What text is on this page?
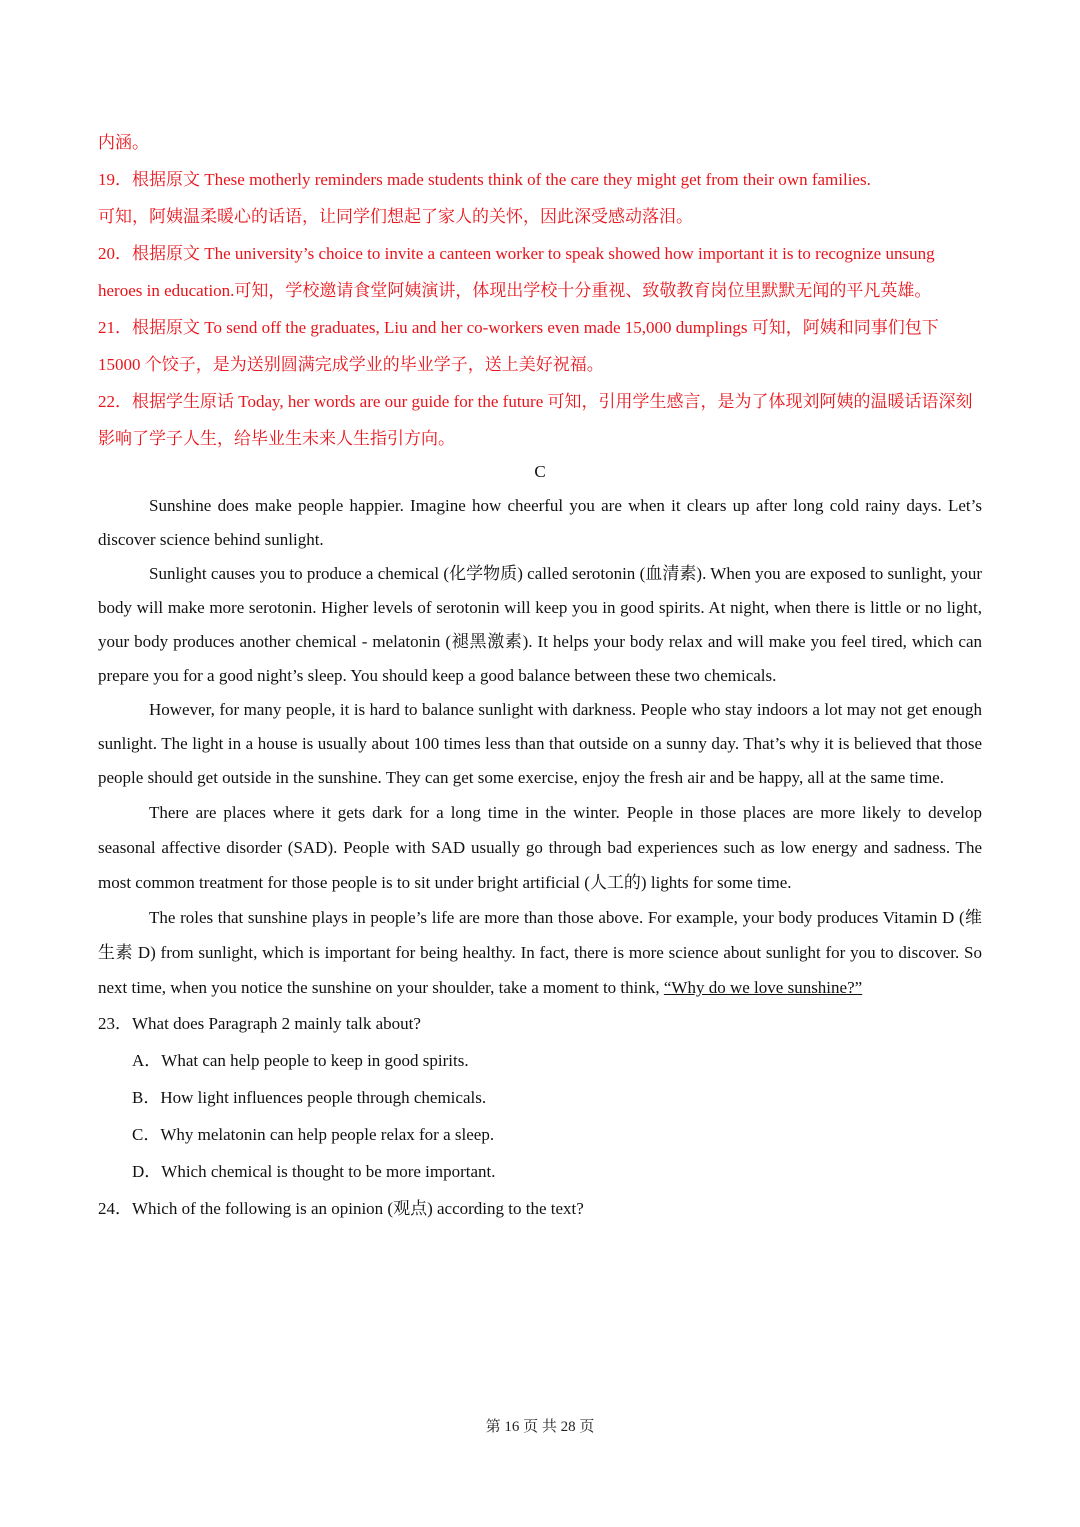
内涵。
19．根据原文 These motherly reminders made students think of the care they might get from their own families.
可知，阿姨温柔暖心的话语，让同学们想起了家人的关怀，因此深受感动落泪。
20．根据原文 The university’s choice to invite a canteen worker to speak showed how important it is to recognize unsung heroes in education.可知，学校邀请食堂阿姨演讲，体现出学校十分重视、致敬教育岗位里默默无闻的平凡英雄。
21．根据原文 To send off the graduates, Liu and her co-workers even made 15,000 dumplings 可知，阿姨和同事们包下 15000 个饺子，是为送别圆满完成学业的毕业学子，送上美好祝福。
22．根据学生原话 Today, her words are our guide for the future 可知，引用学生感言，是为了体现刘阿姨的温暖话语深刻影响了学子人生，给毕业生未来人生指引方向。
C

Sunshine does make people happier. Imagine how cheerful you are when it clears up after long cold rainy days. Let’s discover science behind sunlight.

Sunlight causes you to produce a chemical (化学物质) called serotonin (血清素). When you are exposed to sunlight, your body will make more serotonin. Higher levels of serotonin will keep you in good spirits. At night, when there is little or no light, your body produces another chemical - melatonin (褪黑激素). It helps your body relax and will make you feel tired, which can prepare you for a good night’s sleep. You should keep a good balance between these two chemicals.

However, for many people, it is hard to balance sunlight with darkness. People who stay indoors a lot may not get enough sunlight. The light in a house is usually about 100 times less than that outside on a sunny day. That’s why it is believed that those people should get outside in the sunshine. They can get some exercise, enjoy the fresh air and be happy, all at the same time.

There are places where it gets dark for a long time in the winter. People in those places are more likely to develop seasonal affective disorder (SAD). People with SAD usually go through bad experiences such as low energy and sadness. The most common treatment for those people is to sit under bright artificial (人工的) lights for some time.

The roles that sunshine plays in people’s life are more than those above. For example, your body produces Vitamin D (维生素 D) from sunlight, which is important for being healthy. In fact, there is more science about sunlight for you to discover. So next time, when you notice the sunshine on your shoulder, take a moment to think, “Why do we love sunshine?”

23．What does Paragraph 2 mainly talk about?
A．What can help people to keep in good spirits.
B．How light influences people through chemicals.
C．Why melatonin can help people relax for a sleep.
D．Which chemical is thought to be more important.
24．Which of the following is an opinion (观点) according to the text?
第 16 页 共 28 页
